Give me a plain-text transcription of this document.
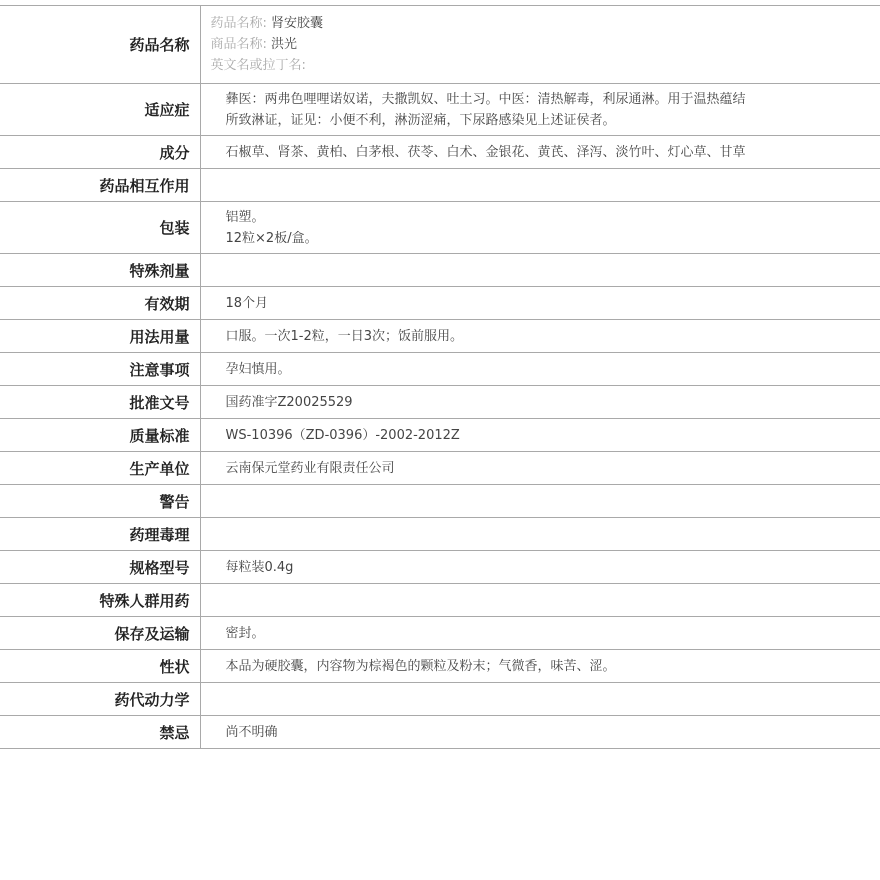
药品名称	药品名称: 肾安胶囊
商品名称: 洪光
英文名或拉丁名:

适应症	彝医：两弗色哩哩诺奴诺，夫撒凯奴、吐土习。中医：清热解毒，利尿通淋。用于温热蕴结
所致淋证，证见：小便不利，淋沥涩痛，下尿路感染见上述证侯者。

成分	石椒草、肾茶、黄柏、白茅根、茯苓、白术、金银花、黄芪、泽泻、淡竹叶、灯心草、甘草
药品相互作用	
包装	铝塑。
12粒×2板/盒。

特殊剂量	
有效期	18个月
用法用量	口服。一次1-2粒，一日3次；饭前服用。
注意事项	孕妇慎用。
批准文号	国药准字Z20025529
质量标准	WS-10396（ZD-0396）-2002-2012Z
生产单位	云南保元堂药业有限责任公司
警告	
药理毒理	
规格型号	每粒装0.4g
特殊人群用药	
保存及运输	密封。
性状	本品为硬胶囊，内容物为棕褐色的颗粒及粉末；气微香，味苦、涩。
药代动力学	
禁忌	尚不明确
